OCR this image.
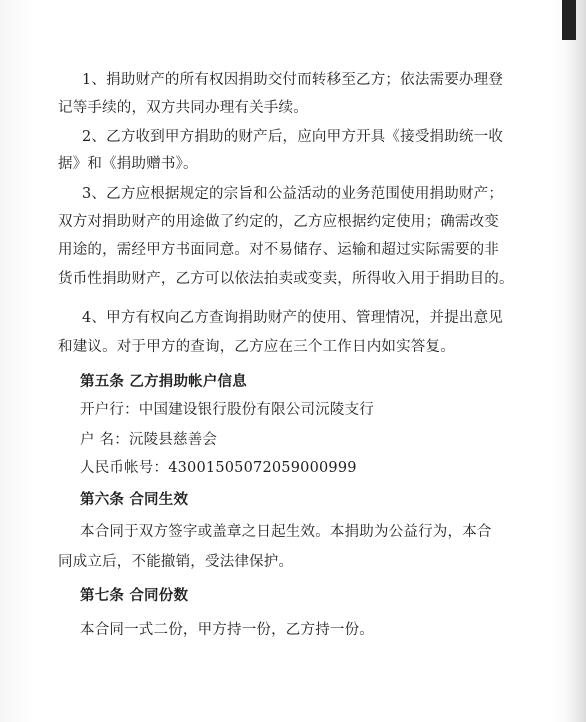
1、捐助财产的所有权因捐助交付而转移至乙方；依法需要办理登
记等手续的，双方共同办理有关手续。
2、乙方收到甲方捐助的财产后，应向甲方开具《接受捐助统一收
据》和《捐助赠书》。
3、乙方应根据规定的宗旨和公益活动的业务范围使用捐助财产；
双方对捐助财产的用途做了约定的，乙方应根据约定使用；确需改变
用途的，需经甲方书面同意。对不易储存、运输和超过实际需要的非
货币性捐助财产，乙方可以依法拍卖或变卖，所得收入用于捐助目的。
4、甲方有权向乙方查询捐助财产的使用、管理情况，并提出意见
和建议。对于甲方的查询，乙方应在三个工作日内如实答复。
第五条 乙方捐助帐户信息
开户行：中国建设银行股份有限公司沅陵支行
户 名：沅陵县慈善会
人民币帐号：43001505072059000999
第六条 合同生效
本合同于双方签字或盖章之日起生效。本捐助为公益行为，本合
同成立后，不能撤销，受法律保护。
第七条 合同份数
本合同一式二份，甲方持一份，乙方持一份。
